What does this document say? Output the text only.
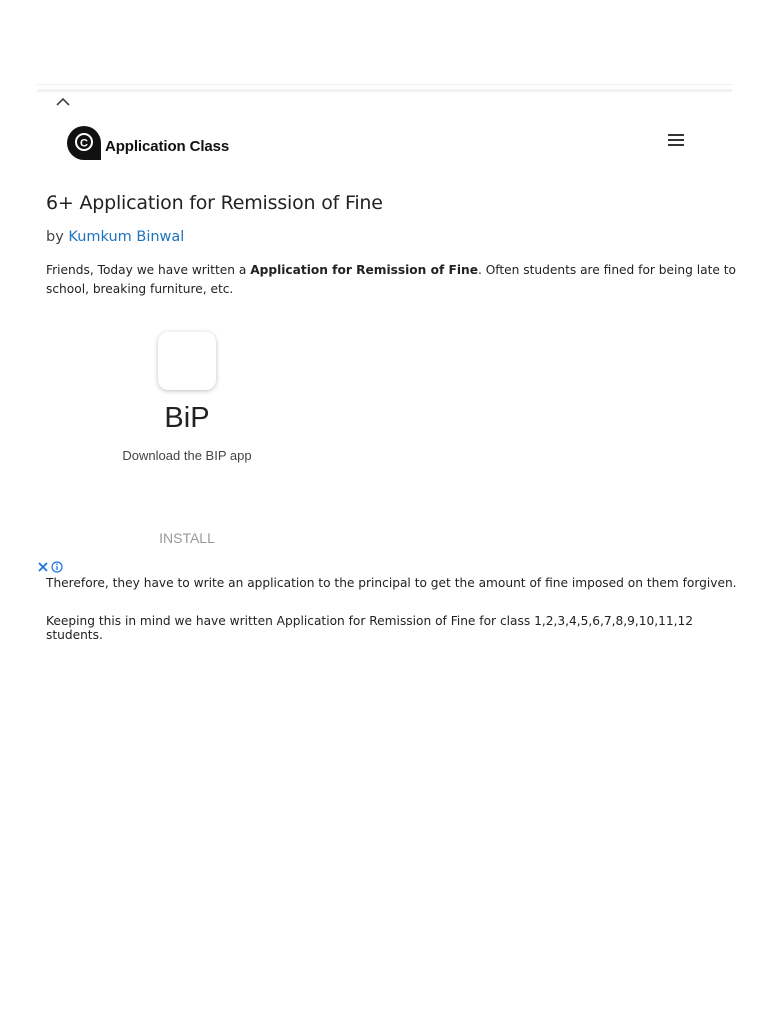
C Application Class
6+ Application for Remission of Fine
by Kumkum Binwal

Friends, Today we have written a Application for Remission of Fine. Often students are fined for being late to school, breaking furniture, etc.

BiP
Download the BIP app
INSTALL

Therefore, they have to write an application to the principal to get the amount of fine imposed on them forgiven.

Keeping this in mind we have written Application for Remission of Fine for class 1,2,3,4,5,6,7,8,9,10,11,12 students.
